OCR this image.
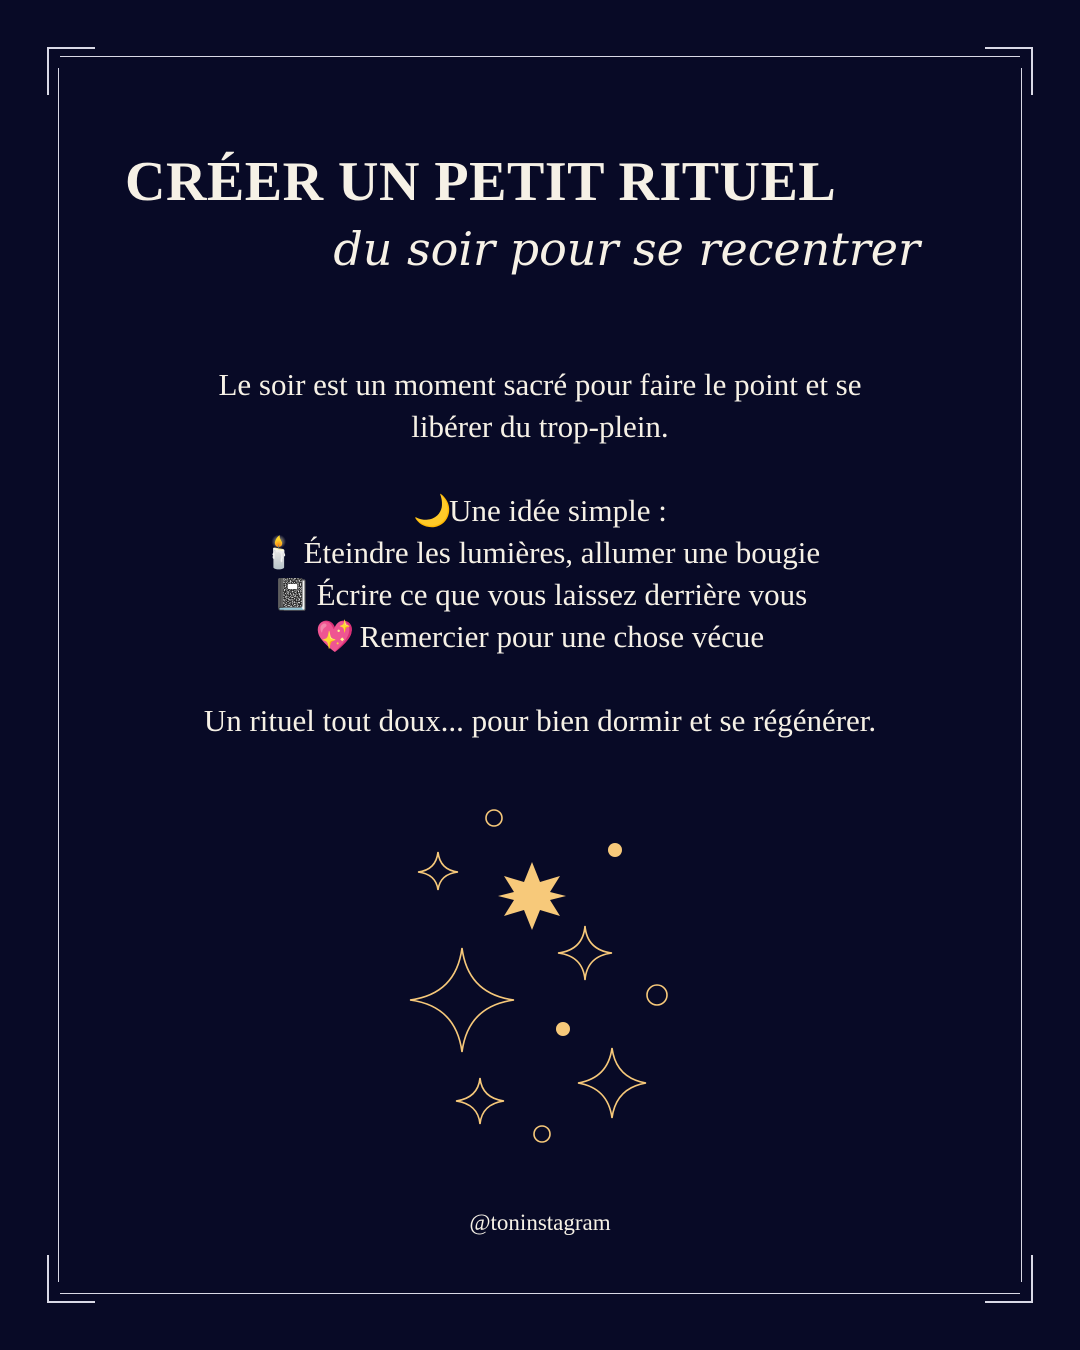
CRÉER UN PETIT RITUEL
du soir pour se recentrer
Le soir est un moment sacré pour faire le point et se
libérer du trop-plein.
🌙Une idée simple :
🕯️ Éteindre les lumières, allumer une bougie
📓 Écrire ce que vous laissez derrière vous
💖 Remercier pour une chose vécue
Un rituel tout doux... pour bien dormir et se régénérer.
@toninstagram
